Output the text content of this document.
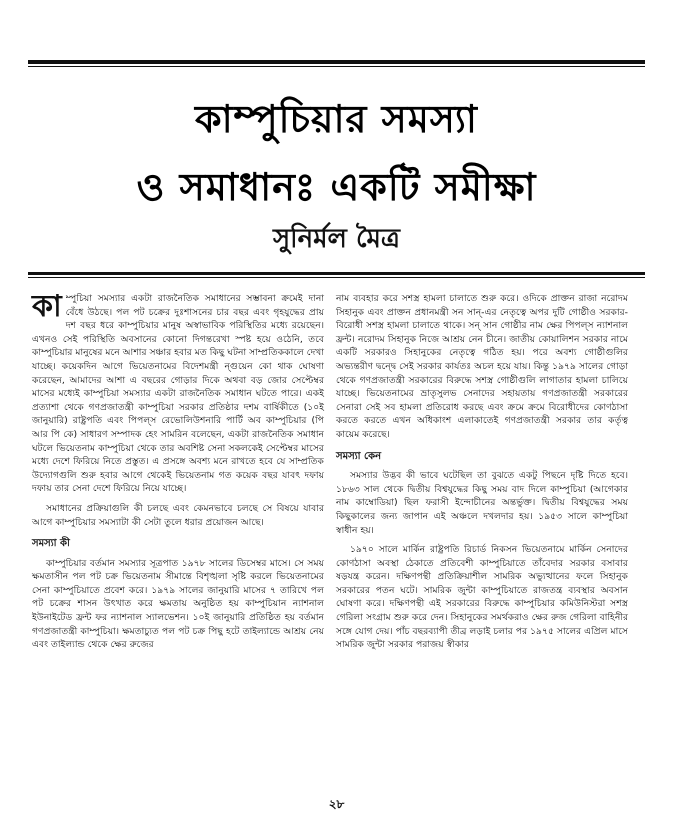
কাম্পুচিয়ার সমস্যা
ও সমাধানঃ একটি সমীক্ষা
সুনির্মল মৈত্র

কা ম্পুচিয়া সমস্যার একটা রাজনৈতিক সমাধানের সম্ভাবনা ক্রমেই দানা বেঁধে উঠছে। পল পট চক্রের দুঃশাসনের চার বছর এবং গৃহযুদ্ধের প্রায় দশ বছর ধরে কাম্পুচিয়ার মানুষ অস্বাভাবিক পরিস্থিতির মধ্যে রয়েছেন। এখনও সেই পরিস্থিতি অবসানের কোনো দিগন্তরেখা স্পষ্ট হয়ে ওঠেনি, তবে কাম্পুচিয়ার মানুষের মনে আশার সঞ্চার হবার মত কিছু ঘটনা সাম্প্রতিককালে দেখা যাচ্ছে। কয়েকদিন আগে ভিয়েতনামের বিদেশমন্ত্রী ন্‌গুয়েন কো থাক ঘোষণা করেছেন, আমাদের আশা এ বছরের গোড়ার দিকে অথবা বড় জোর সেপ্টেম্বর মাসের মধ্যেই কাম্পুচিয়া সমস্যার একটা রাজনৈতিক সমাধান ঘটতে পারে। একই প্রত্যাশা থেকে গণপ্রজাতন্ত্রী কাম্পুচিয়া সরকার প্রতিষ্ঠার দশম বার্ষিকীতে (১০ই জানুয়ারি) রাষ্ট্রপতি এবং পিপল্‌স রেভোলিউশনারি পার্টি অব কাম্পুচিয়ার (পি আর পি কে) সাধারণ সম্পাদক হেং সামরিন বলেছেন, একটা রাজনৈতিক সমাধান ঘটলে ভিয়েতনাম কাম্পুচিয়া থেকে তার অবশিষ্ট সেনা সকলকেই সেপ্টেম্বর মাসের মধ্যে দেশে ফিরিয়ে নিতে প্রস্তুত। এ প্রসঙ্গে অবশ্য মনে রাখতে হবে যে সাম্প্রতিক উদ্যোগগুলি শুরু হবার আগে থেকেই ভিয়েতনাম গত কয়েক বছর যাবৎ দফায় দফায় তার সেনা দেশে ফিরিয়ে নিয়ে যাচ্ছে।

সমাধানের প্রক্রিয়াগুলি কী চলছে এবং কেমনভাবে চলছে সে বিষয়ে যাবার আগে কাম্পুচিয়ার সমস্যাটা কী সেটা তুলে ধরার প্রয়োজন আছে।

সমস্যা কী

কাম্পুচিয়ার বর্তমান সমস্যার সূত্রপাত ১৯৭৮ সালের ডিসেম্বর মাসে। সে সময় ক্ষমতাসীন পল পট চক্র ভিয়েতনাম সীমান্তে বিশৃঙ্খলা সৃষ্টি করলে ভিয়েতনামের সেনা কাম্পুচিয়াতে প্রবেশ করে। ১৯৭৯ সালের জানুয়ারি মাসের ৭ তারিখে পল পট চক্রের শাসন উৎখাত করে ক্ষমতায় অনুষ্ঠিত হয় কাম্পুচিয়ান ন্যাশনাল ইউনাইটেড ফ্রন্ট ফর ন্যাশনাল স্যালভেশন। ১০ই জানুয়ারি প্রতিষ্ঠিত হয় বর্তমান গণপ্রজাতন্ত্রী কাম্পুচিয়া। ক্ষমতাচ্যুত পল পট চক্র পিছু হটে তাইল্যান্ডে আশ্রয় নেয় এবং তাইল্যান্ড থেকে ক্ষের রুজের

নাম ব্যবহার করে সশস্ত্র হামলা চালাতে শুরু করে। ওদিকে প্রাক্তন রাজা নরোদম সিহানুক এবং প্রাক্তন প্রধানমন্ত্রী সন সান্‌-এর নেতৃত্বে অপর দুটি গোষ্ঠীও সরকার-বিরোধী সশস্ত্র হামলা চালাতে থাকে। সন্‌ সান গোষ্ঠীর নাম ক্ষের পিপল্‌স ন্যাশনাল ফ্রন্ট। নরোদম সিহানুক নিজে আশ্রয় নেন চীনে। জাতীয় কোয়ালিশন সরকার নামে একটি সরকারও সিহানুকের নেতৃত্বে গঠিত হয়। পরে অবশ্য গোষ্ঠীগুলির অভ্যন্তরীণ দ্বন্দ্বে সেই সরকার কার্যতঃ অচল হয়ে যায়। কিন্তু ১৯৭৯ সালের গোড়া থেকে গণপ্রজাতন্ত্রী সরকারের বিরুদ্ধে সশস্ত্র গোষ্ঠীগুলি লাগাতার হামলা চালিয়ে যাচ্ছে। ভিয়েতনামের ভ্রাতৃসুলভ সেনাদের সহায়তায় গণপ্রজাতন্ত্রী সরকারের সেনারা সেই সব হামলা প্রতিরোধ করছে এবং ক্রমে ক্রমে বিরোধীদের কোণঠাসা করতে করতে এখন অধিকাংশ এলাকাতেই গণপ্রজাতন্ত্রী সরকার তার কর্তৃত্ব কায়েম করেছে।

সমস্যা কেন

সমস্যার উদ্ভব কী ভাবে ঘটেছিল তা বুঝতে একটু পিছনে দৃষ্টি দিতে হবে। ১৮৬৩ সাল থেকে দ্বিতীয় বিশ্বযুদ্ধের কিছু সময় বাদ দিলে কাম্পুচিয়া (আগেকার নাম কাম্বোডিয়া) ছিল ফরাসী ইন্দোচীনের অন্তর্ভুক্ত। দ্বিতীয় বিশ্বযুদ্ধের সময় কিছুকালের জন্য জাপান এই অঞ্চলে দখলদার হয়। ১৯৫৩ সালে কাম্পুচিয়া স্বাধীন হয়।

১৯৭০ সালে মার্কিন রাষ্ট্রপতি রিচার্ড নিকসন ভিয়েতনামে মার্কিন সেনাদের কোণঠাসা অবস্থা ঠেকাতে প্রতিবেশী কাম্পুচিয়াতে তাঁবেদার সরকার বসাবার ষড়যন্ত্র করেন। দক্ষিণপন্থী প্রতিক্রিয়াশীল সামরিক অভ্যুত্থানের ফলে সিহানুক সরকারের পতন ঘটে। সামরিক জুন্টা কাম্পুচিয়াতে রাজতন্ত্র ব্যবস্থার অবসান ঘোষণা করে। দক্ষিণপন্থী এই সরকারের বিরুদ্ধে কাম্পুচিয়ার কমিউনিস্টরা সশস্ত্র গেরিলা সংগ্রাম শুরু করে দেন। সিহানুকের সমর্থকরাও ক্ষের রুজ গেরিলা বাহিনীর সঙ্গে যোগ দেয়। পাঁচ বছরব্যাপী তীব্র লড়াই চলার পর ১৯৭৫ সালের এপ্রিল মাসে সামরিক জুন্টা সরকার পরাজয় স্বীকার

২৮
